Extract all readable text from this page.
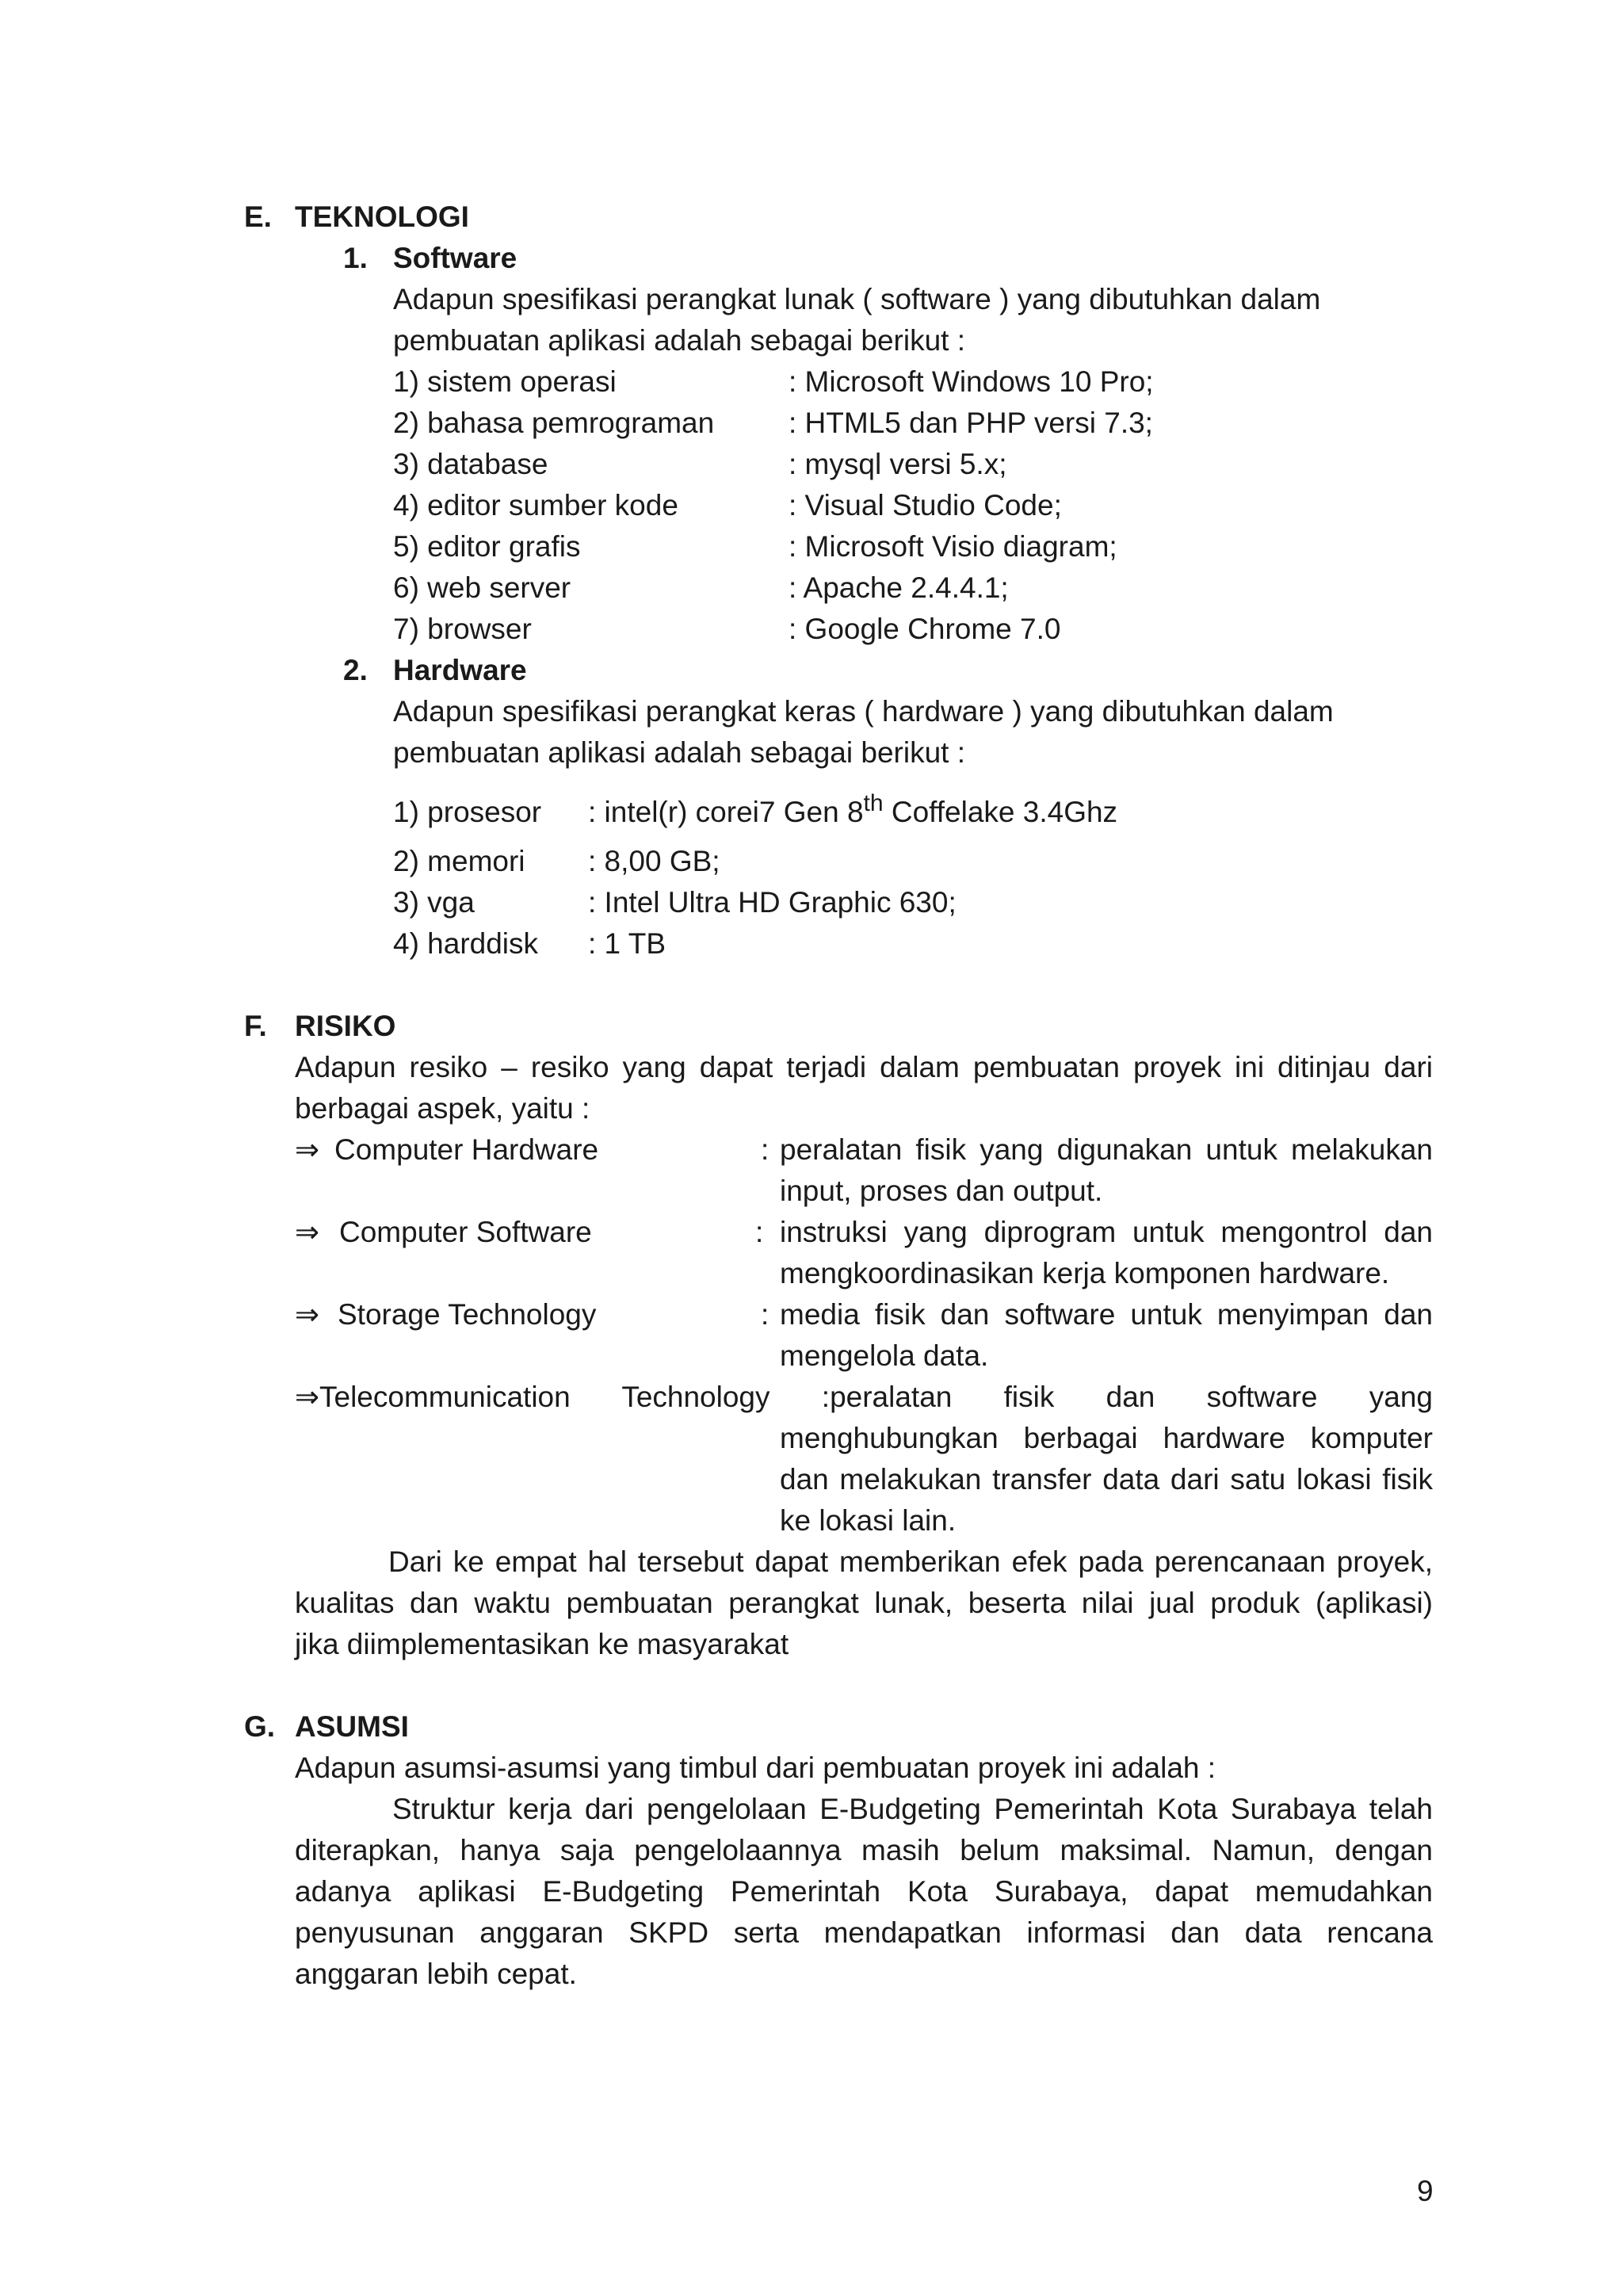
E. TEKNOLOGI
1. Software
Adapun spesifikasi perangkat lunak ( software ) yang dibutuhkan dalam
pembuatan aplikasi adalah sebagai berikut :
1) sistem operasi	: Microsoft Windows 10 Pro;
2) bahasa pemrograman	: HTML5 dan PHP versi 7.3;
3) database	: mysql versi 5.x;
4) editor sumber kode	: Visual Studio Code;
5) editor grafis	: Microsoft Visio diagram;
6) web server	: Apache 2.4.4.1;
7) browser	: Google Chrome 7.0
2. Hardware
Adapun spesifikasi perangkat keras ( hardware ) yang dibutuhkan dalam
pembuatan aplikasi adalah sebagai berikut :
1) prosesor : intel(r) corei7 Gen 8th Coffelake 3.4Ghz
2) memori : 8,00 GB;
3) vga	: Intel Ultra HD Graphic 630;
4) harddisk : 1 TB
F. RISIKO
Adapun resiko – resiko yang dapat terjadi dalam pembuatan proyek ini ditinjau dari
berbagai aspek, yaitu :
⇒ Computer Hardware	: peralatan fisik yang digunakan untuk melakukan
input, proses dan output.
⇒ Computer Software	: instruksi yang diprogram untuk mengontrol dan
mengkoordinasikan kerja komponen hardware.
⇒ Storage Technology	: media fisik dan software untuk menyimpan dan
mengelola data.
⇒Telecommunication Technology :peralatan fisik dan software yang
menghubungkan berbagai hardware komputer
dan melakukan transfer data dari satu lokasi fisik
ke lokasi lain.
Dari ke empat hal tersebut dapat memberikan efek pada perencanaan proyek,
kualitas dan waktu pembuatan perangkat lunak, beserta nilai jual produk (aplikasi)
jika diimplementasikan ke masyarakat
G. ASUMSI
Adapun asumsi-asumsi yang timbul dari pembuatan proyek ini adalah :
Struktur kerja dari pengelolaan E-Budgeting Pemerintah Kota Surabaya telah
diterapkan, hanya saja pengelolaannya masih belum maksimal. Namun, dengan
adanya aplikasi E-Budgeting Pemerintah Kota Surabaya, dapat memudahkan
penyusunan anggaran SKPD serta mendapatkan informasi dan data rencana
anggaran lebih cepat.
9
